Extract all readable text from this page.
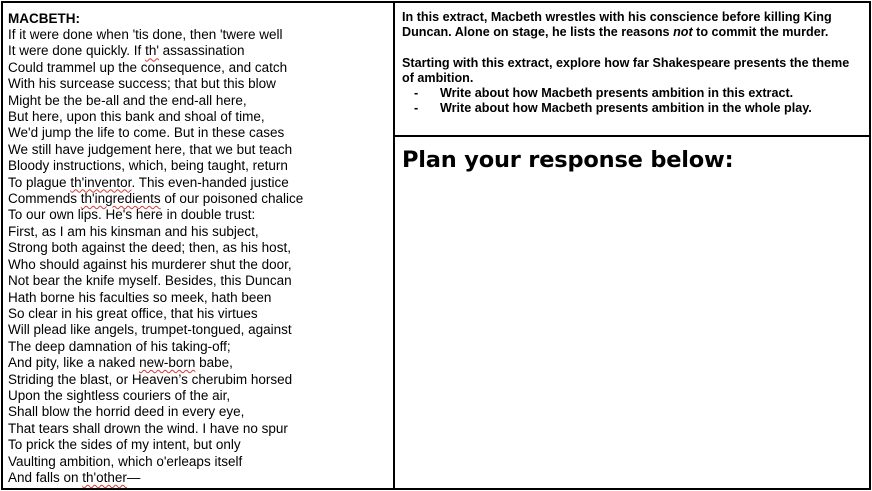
MACBETH:
If it were done when 'tis done, then 'twere well
It were done quickly. If th' assassination
Could trammel up the consequence, and catch
With his surcease success; that but this blow
Might be the be-all and the end-all here,
But here, upon this bank and shoal of time,
We'd jump the life to come. But in these cases
We still have judgement here, that we but teach
Bloody instructions, which, being taught, return
To plague th'inventor. This even-handed justice
Commends th'ingredients of our poisoned chalice
To our own lips. He's here in double trust:
First, as I am his kinsman and his subject,
Strong both against the deed; then, as his host,
Who should against his murderer shut the door,
Not bear the knife myself. Besides, this Duncan
Hath borne his faculties so meek, hath been
So clear in his great office, that his virtues
Will plead like angels, trumpet-tongued, against
The deep damnation of his taking-off;
And pity, like a naked new-born babe,
Striding the blast, or Heaven’s cherubim horsed
Upon the sightless couriers of the air,
Shall blow the horrid deed in every eye,
That tears shall drown the wind. I have no spur
To prick the sides of my intent, but only
Vaulting ambition, which o'erleaps itself
And falls on th'other—

In this extract, Macbeth wrestles with his conscience before killing King Duncan. Alone on stage, he lists the reasons not to commit the murder.

Starting with this extract, explore how far Shakespeare presents the theme of ambition.

-	Write about how Macbeth presents ambition in this extract.
-	Write about how Macbeth presents ambition in the whole play.
Plan your response below:
